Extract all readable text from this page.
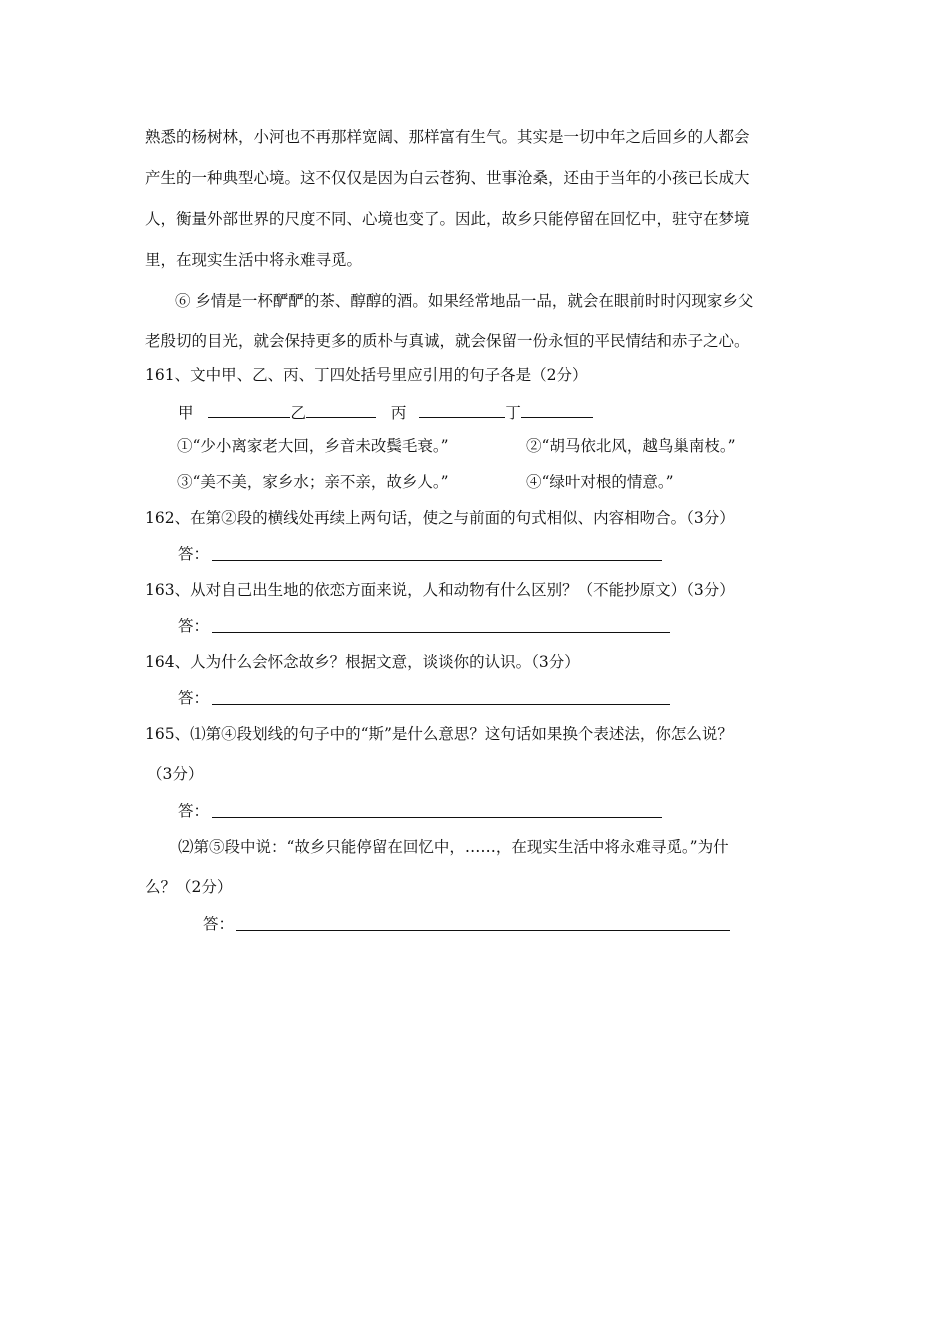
熟悉的杨树林，小河也不再那样宽阔、那样富有生气。其实是一切中年之后回乡的人都会
产生的一种典型心境。这不仅仅是因为白云苍狗、世事沧桑，还由于当年的小孩已长成大
人，衡量外部世界的尺度不同、心境也变了。因此，故乡只能停留在回忆中，驻守在梦境
里，在现实生活中将永难寻觅。
⑥ 乡情是一杯酽酽的茶、醇醇的酒。如果经常地品一品，就会在眼前时时闪现家乡父
老殷切的目光，就会保持更多的质朴与真诚，就会保留一份永恒的平民情结和赤子之心。
161、文中甲、乙、丙、丁四处括号里应引用的句子各是（2分）
甲	乙	丙	丁
①“少小离家老大回，乡音未改鬓毛衰。”	②“胡马依北风，越鸟巢南枝。”
③“美不美，家乡水；亲不亲，故乡人。”	④“绿叶对根的情意。”
162、在第②段的横线处再续上两句话，使之与前面的句式相似、内容相吻合。（3分）
答：
163、从对自己出生地的依恋方面来说，人和动物有什么区别？（不能抄原文）（3分）
答：
164、人为什么会怀念故乡？根据文意，谈谈你的认识。（3分）
答：
165、⑴第④段划线的句子中的“斯”是什么意思？这句话如果换个表述法，你怎么说？
（3分）
答：
⑵第⑤段中说：“故乡只能停留在回忆中，……，在现实生活中将永难寻觅。”为什
么？（2分）
答：
